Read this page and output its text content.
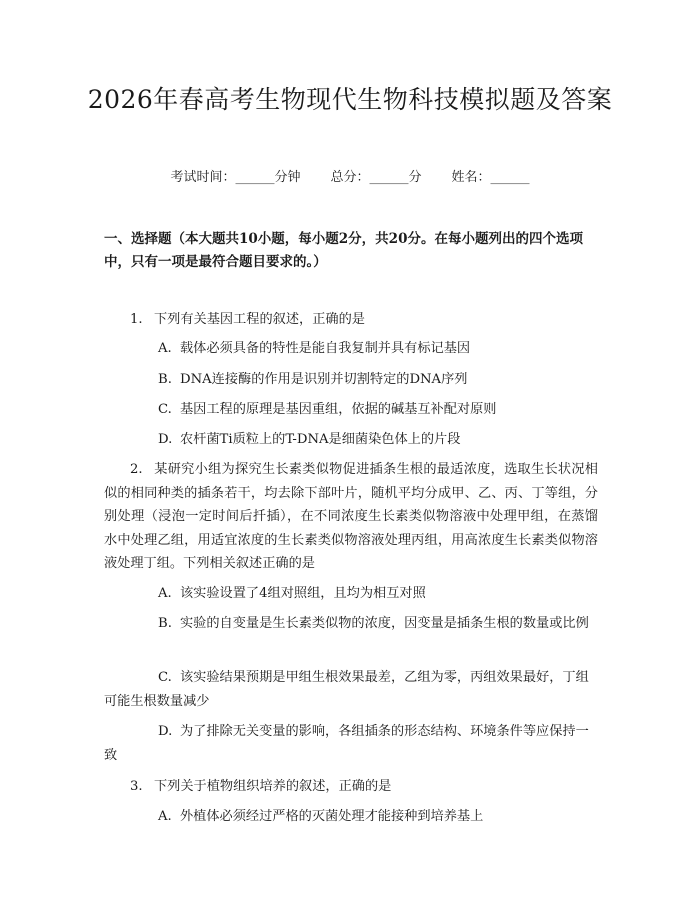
2026年春高考生物现代生物科技模拟题及答案
考试时间：______分钟 总分：______分 姓名：______
一、选择题（本大题共10小题，每小题2分，共20分。在每小题列出的四个选项中，只有一项是最符合题目要求的。）
1. 下列有关基因工程的叙述，正确的是
A. 载体必须具备的特性是能自我复制并具有标记基因
B. DNA连接酶的作用是识别并切割特定的DNA序列
C. 基因工程的原理是基因重组，依据的碱基互补配对原则
D. 农杆菌Ti质粒上的T-DNA是细菌染色体上的片段
2. 某研究小组为探究生长素类似物促进插条生根的最适浓度，选取生长状况相似的相同种类的插条若干，均去除下部叶片，随机平均分成甲、乙、丙、丁等组，分别处理（浸泡一定时间后扦插），在不同浓度生长素类似物溶液中处理甲组，在蒸馏水中处理乙组，用适宜浓度的生长素类似物溶液处理丙组，用高浓度生长素类似物溶液处理丁组。下列相关叙述正确的是
A. 该实验设置了4组对照组，且均为相互对照
B. 实验的自变量是生长素类似物的浓度，因变量是插条生根的数量或比例
C. 该实验结果预期是甲组生根效果最差，乙组为零，丙组效果最好，丁组可能生根数量减少
D. 为了排除无关变量的影响，各组插条的形态结构、环境条件等应保持一致
3. 下列关于植物组织培养的叙述，正确的是
A. 外植体必须经过严格的灭菌处理才能接种到培养基上
